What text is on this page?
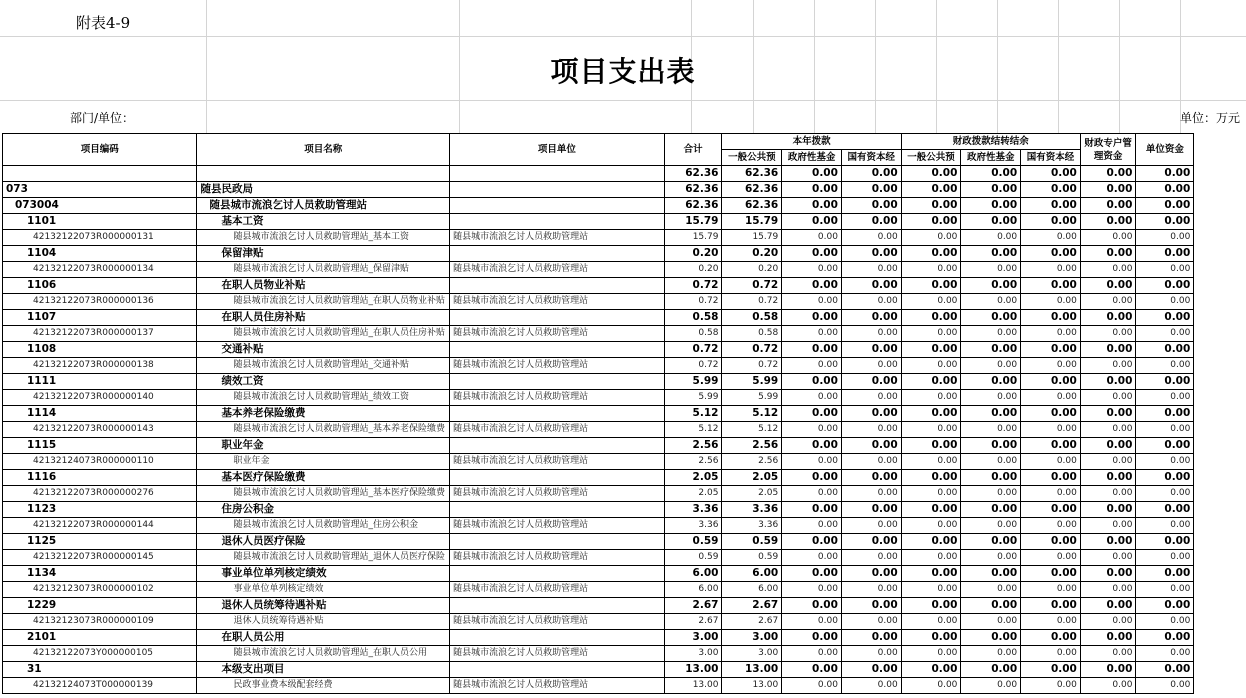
附表4-9
项目支出表
部门/单位：	单位：万元
项目编码	项目名称	项目单位	合计	本年拨款			财政拨款结转结余			财政专户管理资金	单位资金
				一般公共预	政府性基金	国有资本经	一般公共预	政府性基金	国有资本经		
			62.36	62.36	0.00	0.00	0.00	0.00	0.00	0.00	0.00
073	随县民政局		62.36	62.36	0.00	0.00	0.00	0.00	0.00	0.00	0.00
073004	随县城市流浪乞讨人员救助管理站		62.36	62.36	0.00	0.00	0.00	0.00	0.00	0.00	0.00
1101	基本工资		15.79	15.79	0.00	0.00	0.00	0.00	0.00	0.00	0.00
42132122073R000000131	随县城市流浪乞讨人员救助管理站_基本工资	随县城市流浪乞讨人员救助管理站	15.79	15.79	0.00	0.00	0.00	0.00	0.00	0.00	0.00
1104	保留津贴		0.20	0.20	0.00	0.00	0.00	0.00	0.00	0.00	0.00
42132122073R000000134	随县城市流浪乞讨人员救助管理站_保留津贴	随县城市流浪乞讨人员救助管理站	0.20	0.20	0.00	0.00	0.00	0.00	0.00	0.00	0.00
1106	在职人员物业补贴		0.72	0.72	0.00	0.00	0.00	0.00	0.00	0.00	0.00
42132122073R000000136	随县城市流浪乞讨人员救助管理站_在职人员物业补贴	随县城市流浪乞讨人员救助管理站	0.72	0.72	0.00	0.00	0.00	0.00	0.00	0.00	0.00
1107	在职人员住房补贴		0.58	0.58	0.00	0.00	0.00	0.00	0.00	0.00	0.00
42132122073R000000137	随县城市流浪乞讨人员救助管理站_在职人员住房补贴	随县城市流浪乞讨人员救助管理站	0.58	0.58	0.00	0.00	0.00	0.00	0.00	0.00	0.00
1108	交通补贴		0.72	0.72	0.00	0.00	0.00	0.00	0.00	0.00	0.00
42132122073R000000138	随县城市流浪乞讨人员救助管理站_交通补贴	随县城市流浪乞讨人员救助管理站	0.72	0.72	0.00	0.00	0.00	0.00	0.00	0.00	0.00
1111	绩效工资		5.99	5.99	0.00	0.00	0.00	0.00	0.00	0.00	0.00
42132122073R000000140	随县城市流浪乞讨人员救助管理站_绩效工资	随县城市流浪乞讨人员救助管理站	5.99	5.99	0.00	0.00	0.00	0.00	0.00	0.00	0.00
1114	基本养老保险缴费		5.12	5.12	0.00	0.00	0.00	0.00	0.00	0.00	0.00
42132122073R000000143	随县城市流浪乞讨人员救助管理站_基本养老保险缴费	随县城市流浪乞讨人员救助管理站	5.12	5.12	0.00	0.00	0.00	0.00	0.00	0.00	0.00
1115	职业年金		2.56	2.56	0.00	0.00	0.00	0.00	0.00	0.00	0.00
42132124073R000000110	职业年金	随县城市流浪乞讨人员救助管理站	2.56	2.56	0.00	0.00	0.00	0.00	0.00	0.00	0.00
1116	基本医疗保险缴费		2.05	2.05	0.00	0.00	0.00	0.00	0.00	0.00	0.00
42132122073R000000276	随县城市流浪乞讨人员救助管理站_基本医疗保险缴费	随县城市流浪乞讨人员救助管理站	2.05	2.05	0.00	0.00	0.00	0.00	0.00	0.00	0.00
1123	住房公积金		3.36	3.36	0.00	0.00	0.00	0.00	0.00	0.00	0.00
42132122073R000000144	随县城市流浪乞讨人员救助管理站_住房公积金	随县城市流浪乞讨人员救助管理站	3.36	3.36	0.00	0.00	0.00	0.00	0.00	0.00	0.00
1125	退休人员医疗保险		0.59	0.59	0.00	0.00	0.00	0.00	0.00	0.00	0.00
42132122073R000000145	随县城市流浪乞讨人员救助管理站_退休人员医疗保险	随县城市流浪乞讨人员救助管理站	0.59	0.59	0.00	0.00	0.00	0.00	0.00	0.00	0.00
1134	事业单位单列核定绩效		6.00	6.00	0.00	0.00	0.00	0.00	0.00	0.00	0.00
42132123073R000000102	事业单位单列核定绩效	随县城市流浪乞讨人员救助管理站	6.00	6.00	0.00	0.00	0.00	0.00	0.00	0.00	0.00
1229	退休人员统筹待遇补贴		2.67	2.67	0.00	0.00	0.00	0.00	0.00	0.00	0.00
42132123073R000000109	退休人员统筹待遇补贴	随县城市流浪乞讨人员救助管理站	2.67	2.67	0.00	0.00	0.00	0.00	0.00	0.00	0.00
2101	在职人员公用		3.00	3.00	0.00	0.00	0.00	0.00	0.00	0.00	0.00
42132122073Y000000105	随县城市流浪乞讨人员救助管理站_在职人员公用	随县城市流浪乞讨人员救助管理站	3.00	3.00	0.00	0.00	0.00	0.00	0.00	0.00	0.00
31	本级支出项目		13.00	13.00	0.00	0.00	0.00	0.00	0.00	0.00	0.00
42132124073T000000139	民政事业费本级配套经费	随县城市流浪乞讨人员救助管理站	13.00	13.00	0.00	0.00	0.00	0.00	0.00	0.00	0.00
